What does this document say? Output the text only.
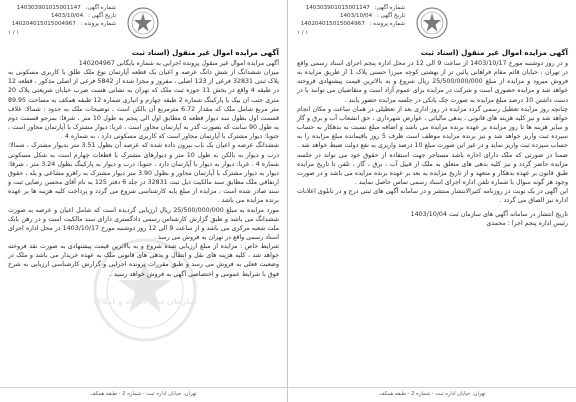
شماره آگهی: 140303901015001147
تاریخ آگهی : 1403/10/04
شماره پرونده : 140204015015004967
۱ / ۱
آگهی مزایده اموال غیر منقول (اسناد ثبت

آگهی مزایده اموال غیر منقول پرونده اجرایی به شماره بایگانی 140204967

میزان ششدانگ از شش دانگ عرصه و اعیان یک قطعه آپارتمان نوع ملک طلق با کاربری مسکونی به پلاک ثبتی 32831 فرعی از 123 اصلی ، مفروز و مجزا شده از 5842 فرعی از اصلی مذکور ، قطعه 12 در طبقه 4 واقع در بخش 11 حوزه ثبت ملک که تهران به نشانی هست ضرب خیابان شریعتی پلاک 20 متری جنب ان بیک با پارکینگ شماره 2 طبقه چهارم و انباری شماره 12 طبقه همکف به مساحت 89.95 متر مربع شامل ملک که مقدار 6.72 مترمربع آن بالکن است ، توضیحات ملک به حدود : شمالا: غلاف قسمت اول بطول سه دیوار قطعه ۵ مطابق اول الی پنجم به طول 10 متر ، شرقا: بمرجو قسمت دوم به طول 90 سانت که بصورت گذر به آپارتمان مجاور است ، غربا: دیوار مشترک با آپارتمان مجاور است ، جنوبا: دیوار مشترک با آپارتمان مجاور است که کاربری مسکونی دارد ، به شماره 4 .

ششدانگ عرصه و اعیان یک باب بیرون داده شده که عرصه آن بطول 3.51 متر بدیوار مشترک ، شمالا: درب و دیوار به بالکن به طول 10 متر و دیوارهای مشترک با قطعات چهارم است به شکل مسکونی شماره 4 . غربا: دیوار به دیوار با آپارتمان دارد ، جنوبا: درب و دیوار به پارکینگ بطول 3.24 متر ، شرقا: دیوار به دیوار مشترک با آپارتمان مجاور و بطول 3.90 متر دیوار مشترک به راهرو مشاعی و پله ، حقوق ارتفاقی ملک مطابق سند مالکیت ذیل ثبت 32831 در جلد 6 دفتر 125 به نام آقای محسن رضایی ثبت و سند صادر شده است ، مزایده از مبلغ پایه کارشناسی شروع می گردد و پرداخت کلیه هزینه ها بر عهده برنده مزایده می باشد .

مورد مزایده به مبلغ 25/500/000/000 ریال ارزیابی گردیده است که شامل اعیان و عرصه به صورت ششدانگ می باشد و طبق گزارش کارشناس رسمی دادگستری دارای سند مالکیت است و در رهن بانک ملت شعبه مرکزی می باشد و از ساعت 9 الی 12 روز دوشنبه مورخ 1403/10/17 در محل اداره اجرای اسناد رسمی واقع در تهران به فروش می رسد .

شرایط خاص : مزایده از مبلغ ارزیابی شده شروع و به بالاترین قیمت پیشنهادی به صورت نقد فروخته خواهد شد ، کلیه هزینه های نقل و انتقال و بدهی های قانونی ملک به عهده خریدار می باشد و ملک در وضعیت فعلی به فروش می رسد و طبق مقررات پرونده اجرایی و گزارش کارشناسی ارزیابی به شرح فوق با شرایط عمومی و اختصاصی آگهی به فروش خواهد رسید .

سازمان ثبت اسناد و املاک
تهران، خیابان اداره ثبت - شماره 2 - طبقه همکف
شماره آگهی: 140303901015001147
تاریخ آگهی : 1403/10/04
شماره پرونده : 140204015015004967
۱ / ۱
آگهی مزایده اموال غیر منقول (اسناد ثبت

و در روز دوشنبه مورخ 1403/10/17 از ساعت 9 الی 12 در محل اداره پنجم اجرای اسناد رسمی واقع در تهران ، خیابان قائم مقام فراهانی پائین تر از بهشتی کوچه میرزا حسنی پلاک 1 از طریق مزایده به فروش میرود و مزایده از مبلغ 25/500/000/000 ریال شروع و به بالاترین قیمت پیشنهادی فروخته خواهد شد و مزایده حضوری است و شرکت در مزایده برای عموم آزاد است و متقاضیان می توانند با در دست داشتن 10 درصد مبلغ مزایده به صورت چک بانکی در جلسه مزایده حضور یابند .

چنانچه روز مزایده تعطیل رسمی گردد مزایده در روز اداری بعد از تعطیلی در همان ساعت و مکان انجام خواهد شد و نیز کلیه هزینه های قانونی ، بدهی مالیاتی ، عوارض شهرداری ، حق انشعاب آب و برق و گاز و سایر هزینه ها تا روز مزایده بر عهده برنده مزایده می باشد و اضافه مبلغ نسبت به بدهکار به حساب سپرده ثبت واریز خواهد شد و نیز برنده مزایده موظف است ظرف 5 روز باقیمانده مبلغ مزایده را به حساب سپرده ثبت واریز نماید و در غیر این صورت مبلغ 10 درصد واریزی به نفع دولت ضبط خواهد شد .

ضمنا در صورتی که ملک دارای اجاره باشد مستاجر جهت استفاده از حقوق خود می تواند در جلسه مزایده حاضر گردد و نیز کلیه بدهی های متعلق به ملک از قبیل آب ، برق ، گاز ، تلفن تا تاریخ مزایده طبق قانون بر عهده بدهکار و متعهد و از تاریخ مزایده به بعد بر عهده برنده مزایده می باشد و در صورت وجود هر گونه سوال با شماره تلفن اداره اجرای اسناد رسمی تماس حاصل نمایند .

این آگهی در یک نوبت در روزنامه کثیرالانتشار منتشر و در سامانه آگهی های ثبتی درج و در تابلوی اعلانات اداره نیز الصاق می گردد .

تاریخ انتشار در سامانه آگهی های سازمان ثبت 1403/10/04
رئیس اداره پنجم اجرا : محمدی
تهران، خیابان اداره ثبت - شماره 2 - طبقه همکف
